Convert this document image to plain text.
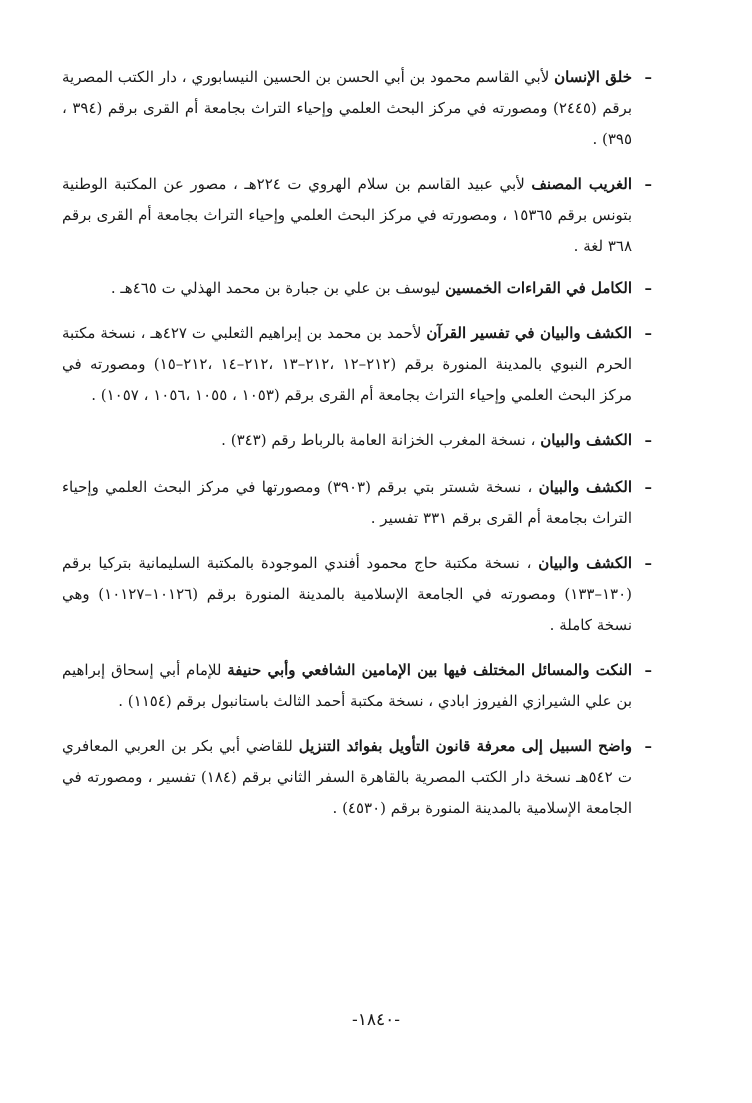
–
خلق الإنسان لأبي القاسم محمود بن أبي الحسن بن الحسين النيسابوري ، دار الكتب المصرية برقم (٢٤٤٥) ومصورته في مركز البحث العلمي وإحياء التراث بجامعة أم القرى برقم (٣٩٤ ، ٣٩٥) .

–
الغريب المصنف لأبي عبيد القاسم بن سلام الهروي ت ٢٢٤هـ ، مصور عن المكتبة الوطنية بتونس برقم ١٥٣٦٥ ، ومصورته في مركز البحث العلمي وإحياء التراث بجامعة أم القرى برقم ٣٦٨ لغة .

–
الكامل في القراءات الخمسين ليوسف بن علي بن جبارة بن محمد الهذلي ت ٤٦٥هـ .

–
الكشف والبيان في تفسير القرآن لأحمد بن محمد بن إبراهيم الثعلبي ت ٤٢٧هـ ، نسخة مكتبة الحرم النبوي بالمدينة المنورة برقم (٢١٢–١٢ ،٢١٢–١٣ ،٢١٢–١٤ ،٢١٢–١٥) ومصورته في مركز البحث العلمي وإحياء التراث بجامعة أم القرى برقم (١٠٥٣ ، ١٠٥٥ ،١٠٥٦ ، ١٠٥٧) .

–
الكشف والبيان ، نسخة المغرب الخزانة العامة بالرباط رقم (٣٤٣) .

–
الكشف والبيان ، نسخة شستر بتي برقم (٣٩٠٣) ومصورتها في مركز البحث العلمي وإحياء التراث بجامعة أم القرى برقم ٣٣١ تفسير .

–
الكشف والبيان ، نسخة مكتبة حاج محمود أفندي الموجودة بالمكتبة السليمانية بتركيا برقم (١٣٠–١٣٣) ومصورته في الجامعة الإسلامية بالمدينة المنورة برقم (١٠١٢٦–١٠١٢٧) وهي نسخة كاملة .

–
النكت والمسائل المختلف فيها بين الإمامين الشافعي وأبي حنيفة للإمام أبي إسحاق إبراهيم بن علي الشيرازي الفيروز ابادي ، نسخة مكتبة أحمد الثالث باستانبول برقم (١١٥٤) .

–
واضح السبيل إلى معرفة قانون التأويل بفوائد التنزيل للقاضي أبي بكر بن العربي المعافري ت ٥٤٢هـ نسخة دار الكتب المصرية بالقاهرة السفر الثاني برقم (١٨٤) تفسير ، ومصورته في الجامعة الإسلامية بالمدينة المنورة برقم (٤٥٣٠) .

-١٨٤٠-
